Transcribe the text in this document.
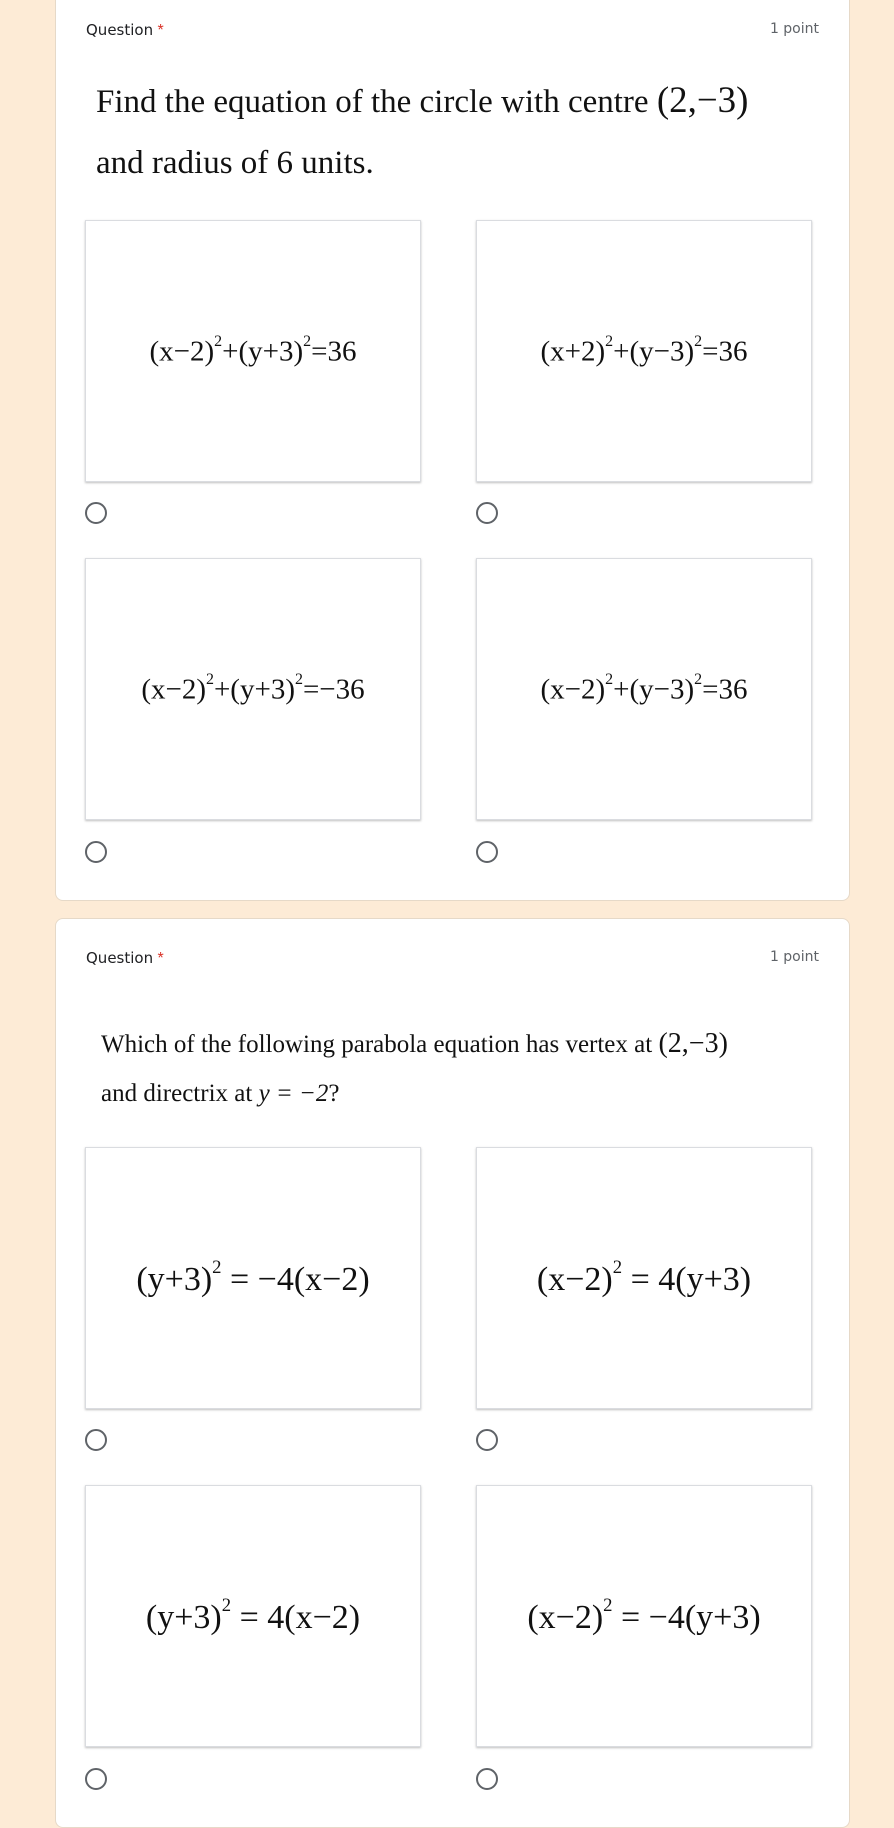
Question *	1 point
Find the equation of the circle with centre (2,−3)
and radius of 6 units.
$(x-2)^2+(y+3)^2=36$	$(x+2)^2+(y-3)^2=36$
$(x-2)^2+(y+3)^2=-36$	$(x-2)^2+(y-3)^2=36$
Question *	1 point
Which of the following parabola equation has vertex at (2,−3)
and directrix at y = −2?
$(y+3)^2 = -4(x-2)$	$(x-2)^2 = 4(y+3)$
$(y+3)^2 = 4(x-2)$	$(x-2)^2 = -4(y+3)$
